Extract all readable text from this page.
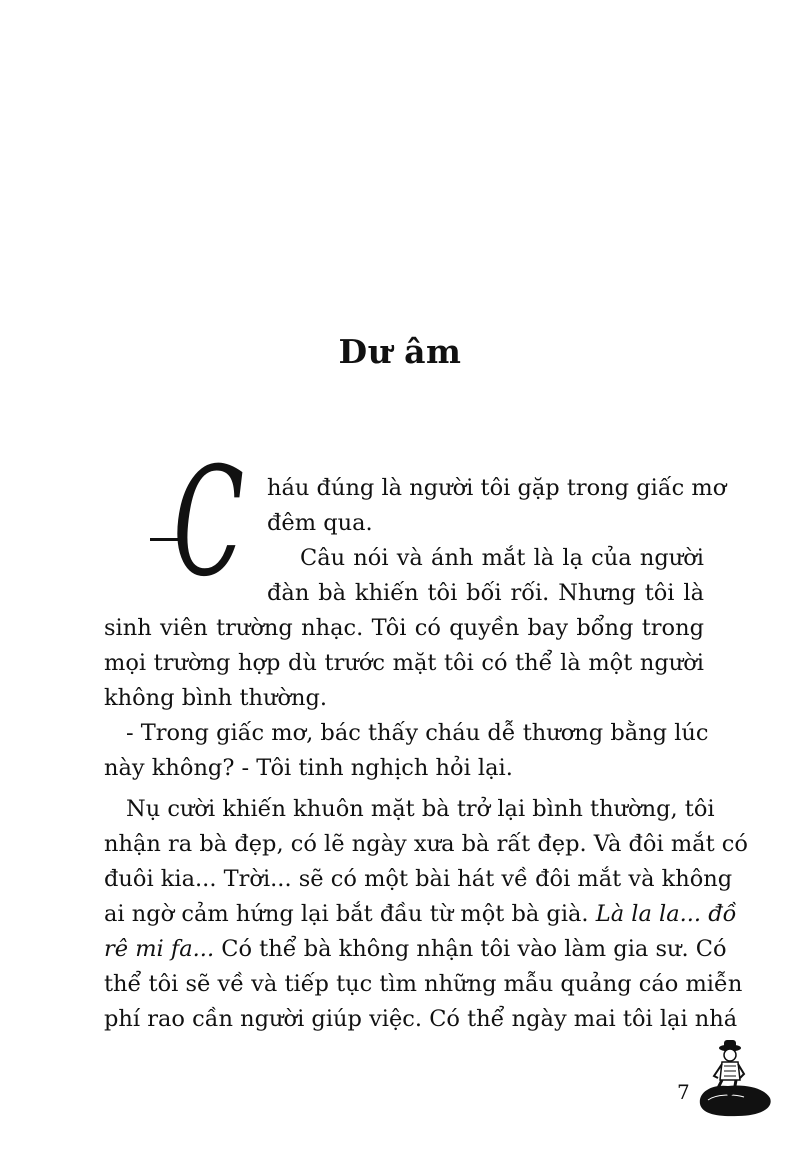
Dư âm
C	háu đúng là người tôi gặp trong giấc mơ
đêm qua.
Câu nói và ánh mắt là lạ của người
đàn bà khiến tôi bối rối. Nhưng tôi là
sinh viên trường nhạc. Tôi có quyền bay bổng trong
mọi trường hợp dù trước mặt tôi có thể là một người
không bình thường.
- Trong giấc mơ, bác thấy cháu dễ thương bằng lúc
này không? - Tôi tinh nghịch hỏi lại.
Nụ cười khiến khuôn mặt bà trở lại bình thường, tôi
nhận ra bà đẹp, có lẽ ngày xưa bà rất đẹp. Và đôi mắt có
đuôi kia... Trời... sẽ có một bài hát về đôi mắt và không
ai ngờ cảm hứng lại bắt đầu từ một bà già. Là la la... đồ
rê mi fa... Có thể bà không nhận tôi vào làm gia sư. Có
thể tôi sẽ về và tiếp tục tìm những mẫu quảng cáo miễn
phí rao cần người giúp việc. Có thể ngày mai tôi lại nhá
7
